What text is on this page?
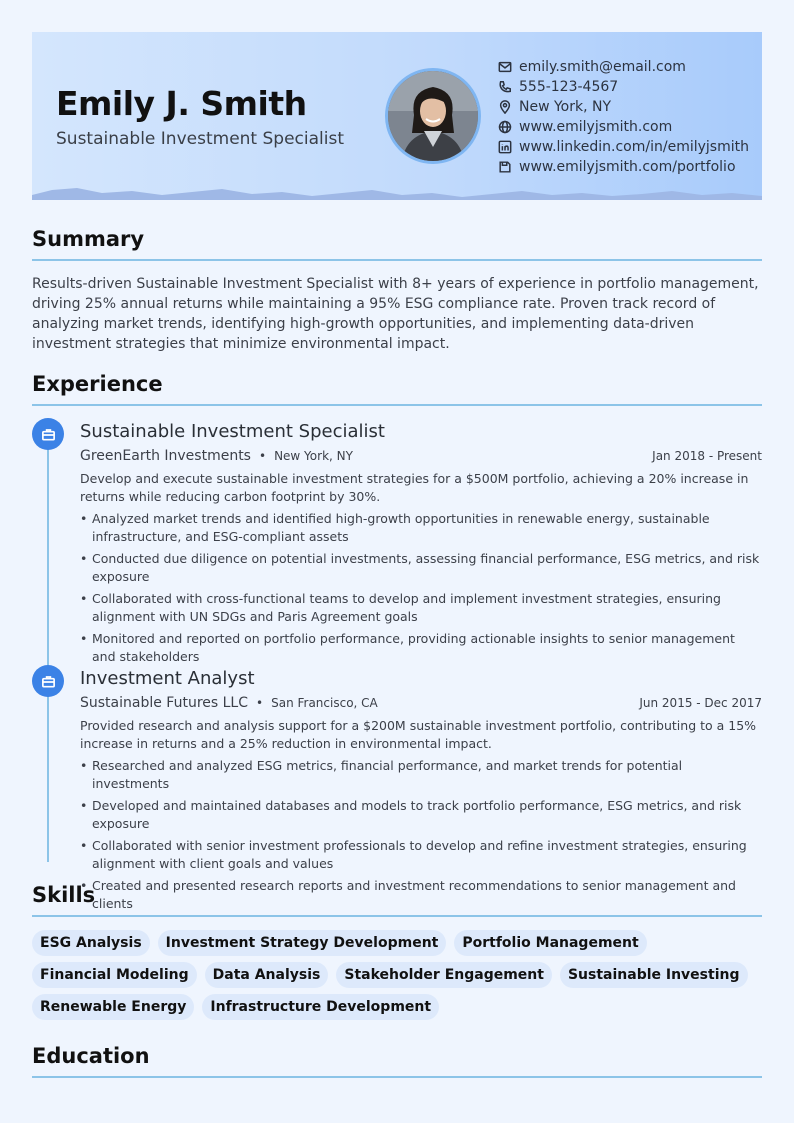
Emily J. Smith
Sustainable Investment Specialist
emily.smith@email.com
555-123-4567
New York, NY
www.emilyjsmith.com
www.linkedin.com/in/emilyjsmith
www.emilyjsmith.com/portfolio
Summary
Results-driven Sustainable Investment Specialist with 8+ years of experience in portfolio management, driving 25% annual returns while maintaining a 95% ESG compliance rate. Proven track record of analyzing market trends, identifying high-growth opportunities, and implementing data-driven investment strategies that minimize environmental impact.
Experience
Sustainable Investment Specialist
GreenEarth Investments • New York, NY	Jan 2018 - Present
Develop and execute sustainable investment strategies for a $500M portfolio, achieving a 20% increase in returns while reducing carbon footprint by 30%.
• Analyzed market trends and identified high-growth opportunities in renewable energy, sustainable infrastructure, and ESG-compliant assets
• Conducted due diligence on potential investments, assessing financial performance, ESG metrics, and risk exposure
• Collaborated with cross-functional teams to develop and implement investment strategies, ensuring alignment with UN SDGs and Paris Agreement goals
• Monitored and reported on portfolio performance, providing actionable insights to senior management and stakeholders
Investment Analyst
Sustainable Futures LLC • San Francisco, CA	Jun 2015 - Dec 2017
Provided research and analysis support for a $200M sustainable investment portfolio, contributing to a 15% increase in returns and a 25% reduction in environmental impact.
• Researched and analyzed ESG metrics, financial performance, and market trends for potential investments
• Developed and maintained databases and models to track portfolio performance, ESG metrics, and risk exposure
• Collaborated with senior investment professionals to develop and refine investment strategies, ensuring alignment with client goals and values
• Created and presented research reports and investment recommendations to senior management and clients
Skills
ESG Analysis	Investment Strategy Development	Portfolio Management
Financial Modeling	Data Analysis	Stakeholder Engagement	Sustainable Investing
Renewable Energy	Infrastructure Development
Education
